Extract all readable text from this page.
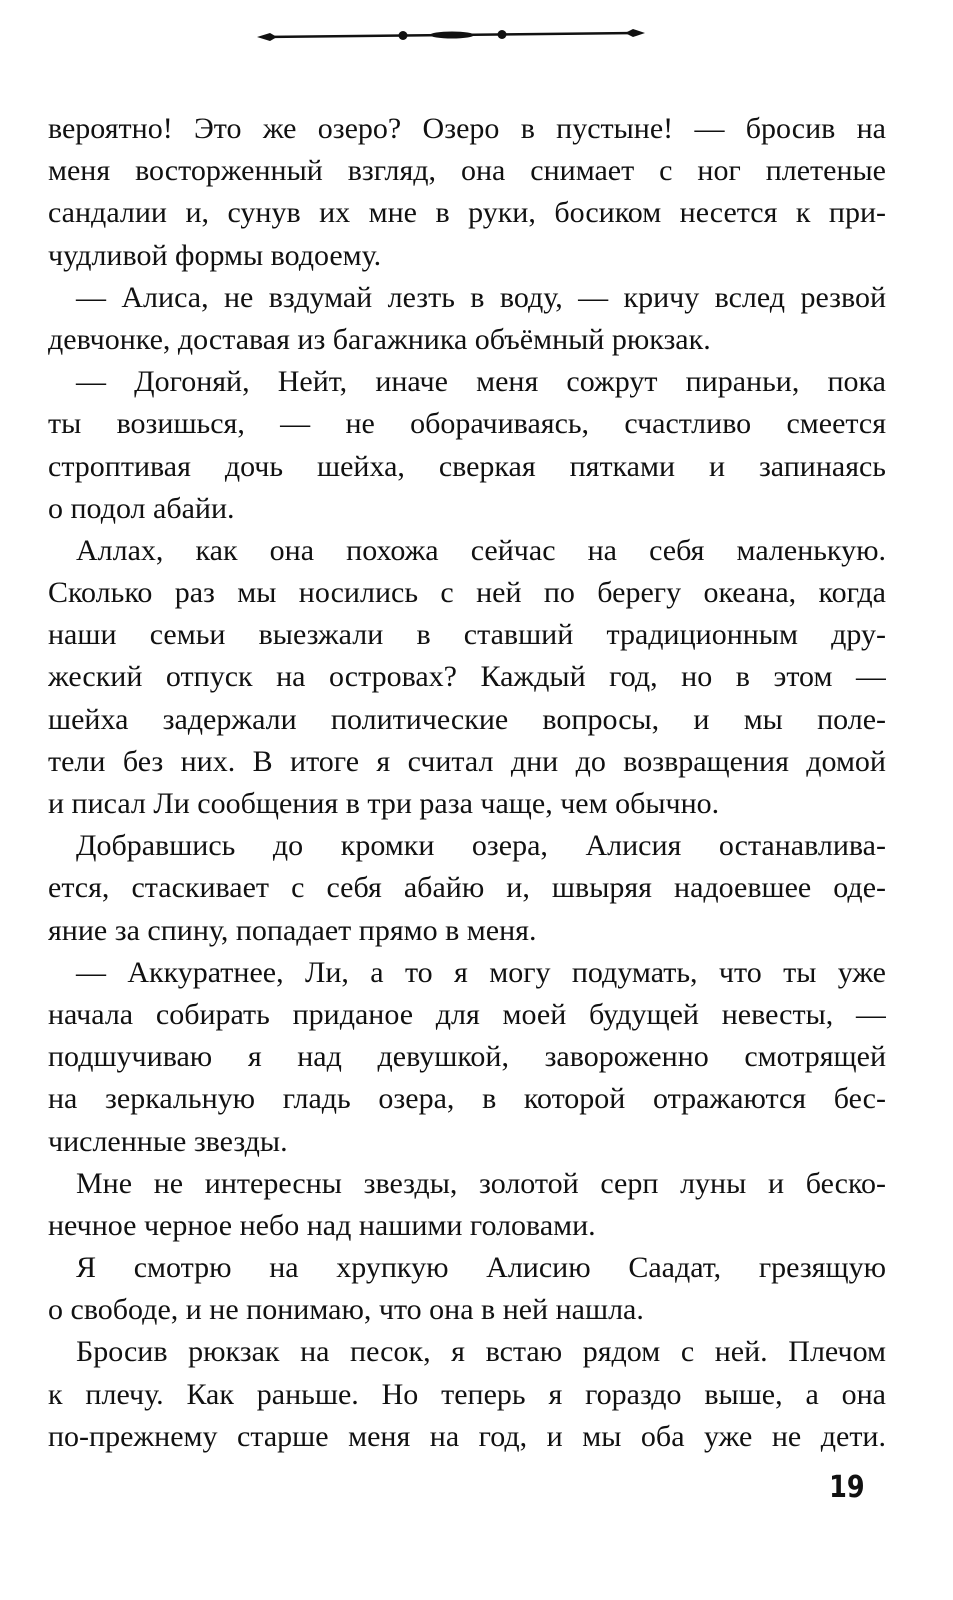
вероятно! Это же озеро? Озеро в пустыне! — бросив на
меня восторженный взгляд, она снимает с ног плетеные
сандалии и, сунув их мне в руки, босиком несется к при-
чудливой формы водоему.
— Алиса, не вздумай лезть в воду, — кричу вслед резвой
девчонке, доставая из багажника объёмный рюкзак.
— Догоняй, Нейт, иначе меня сожрут пираньи, пока
ты возишься, — не оборачиваясь, счастливо смеется
строптивая дочь шейха, сверкая пятками и запинаясь
о подол абайи.
Аллах, как она похожа сейчас на себя маленькую.
Сколько раз мы носились с ней по берегу океана, когда
наши семьи выезжали в ставший традиционным дру-
жеский отпуск на островах? Каждый год, но в этом —
шейха задержали политические вопросы, и мы поле-
тели без них. В итоге я считал дни до возвращения домой
и писал Ли сообщения в три раза чаще, чем обычно.
Добравшись до кромки озера, Алисия останавлива-
ется, стаскивает с себя абайю и, швыряя надоевшее оде-
яние за спину, попадает прямо в меня.
— Аккуратнее, Ли, а то я могу подумать, что ты уже
начала собирать приданое для моей будущей невесты, —
подшучиваю я над девушкой, завороженно смотрящей
на зеркальную гладь озера, в которой отражаются бес-
численные звезды.
Мне не интересны звезды, золотой серп луны и беско-
нечное черное небо над нашими головами.
Я смотрю на хрупкую Алисию Саадат, грезящую
о свободе, и не понимаю, что она в ней нашла.
Бросив рюкзак на песок, я встаю рядом с ней. Плечом
к плечу. Как раньше. Но теперь я гораздо выше, а она
по-прежнему старше меня на год, и мы оба уже не дети.
19
